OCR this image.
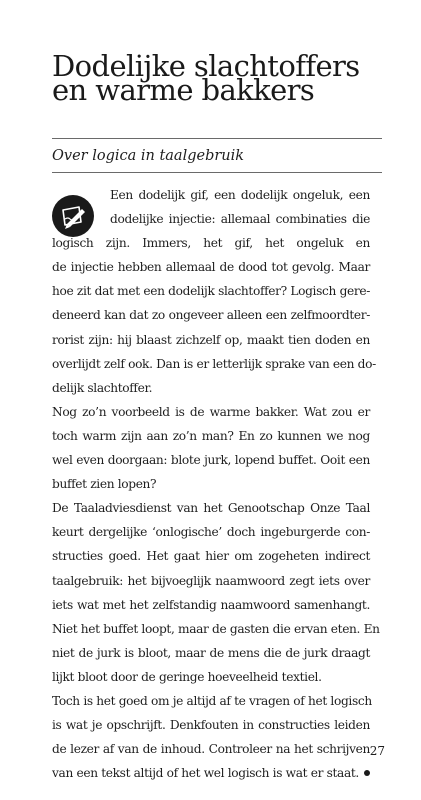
Dodelijke slachtoffers
en warme bakkers

Over logica in taalgebruik

Een dodelijk gif, een dodelijk ongeluk, een
dodelijke injectie: allemaal combinaties die
logisch zijn. Immers, het gif, het ongeluk en
de injectie hebben allemaal de dood tot gevolg. Maar
hoe zit dat met een dodelijk slachtoffer? Logisch gere-
deneerd kan dat zo ongeveer alleen een zelfmoordter-
rorist zijn: hij blaast zichzelf op, maakt tien doden en
overlijdt zelf ook. Dan is er letterlijk sprake van een do-
delijk slachtoffer.
Nog zo’n voorbeeld is de warme bakker. Wat zou er
toch warm zijn aan zo’n man? En zo kunnen we nog
wel even doorgaan: blote jurk, lopend buffet. Ooit een
buffet zien lopen?
De Taaladviesdienst van het Genootschap Onze Taal
keurt dergelijke ‘onlogische’ doch ingeburgerde con-
structies goed. Het gaat hier om zogeheten indirect
taalgebruik: het bijvoeglijk naamwoord zegt iets over
iets wat met het zelfstandig naamwoord samenhangt.
Niet het buffet loopt, maar de gasten die ervan eten. En
niet de jurk is bloot, maar de mens die de jurk draagt
lijkt bloot door de geringe hoeveelheid textiel.
Toch is het goed om je altijd af te vragen of het logisch
is wat je opschrijft. Denkfouten in constructies leiden
de lezer af van de inhoud. Controleer na het schrijven
van een tekst altijd of het wel logisch is wat er staat.
27
